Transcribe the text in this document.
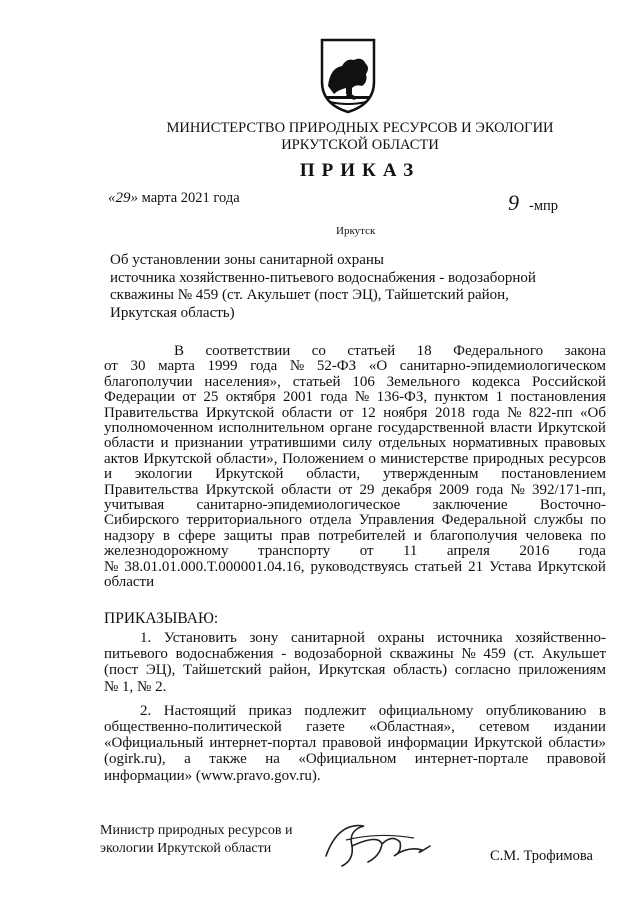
МИНИСТЕРСТВО ПРИРОДНЫХ РЕСУРСОВ И ЭКОЛОГИИ
ИРКУТСКОЙ ОБЛАСТИ
ПРИКАЗ
«29» марта 2021 года	9 -мпр
Иркутск
Об установлении зоны санитарной охраны
источника хозяйственно-питьевого водоснабжения - водозаборной
скважины № 459 (ст. Акульшет (пост ЭЦ), Тайшетский район,
Иркутская область)
В соответствии со статьей 18 Федерального закона
от 30 марта 1999 года № 52-ФЗ «О санитарно-эпидемиологическом
благополучии населения», статьей 106 Земельного кодекса Российской
Федерации от 25 октября 2001 года № 136-ФЗ, пунктом 1 постановления
Правительства Иркутской области от 12 ноября 2018 года № 822-пп «Об
уполномоченном исполнительном органе государственной власти Иркутской
области и признании утратившими силу отдельных нормативных правовых
актов Иркутской области», Положением о министерстве природных ресурсов
и экологии Иркутской области, утвержденным постановлением
Правительства Иркутской области от 29 декабря 2009 года № 392/171-пп,
учитывая санитарно-эпидемиологическое заключение Восточно-
Сибирского территориального отдела Управления Федеральной службы по
надзору в сфере защиты прав потребителей и благополучия человека по
железнодорожному транспорту от 11 апреля 2016 года
№ 38.01.01.000.Т.000001.04.16, руководствуясь статьей 21 Устава Иркутской
области
ПРИКАЗЫВАЮ:
1. Установить зону санитарной охраны источника хозяйственно-
питьевого водоснабжения - водозаборной скважины № 459 (ст. Акульшет
(пост ЭЦ), Тайшетский район, Иркутская область) согласно приложениям
№ 1, № 2.
2. Настоящий приказ подлежит официальному опубликованию в
общественно-политической газете «Областная», сетевом издании
«Официальный интернет-портал правовой информации Иркутской области»
(ogirk.ru), а также на «Официальном интернет-портале правовой
информации» (www.pravo.gov.ru).
Министр природных ресурсов и
экологии Иркутской области	С.М. Трофимова
